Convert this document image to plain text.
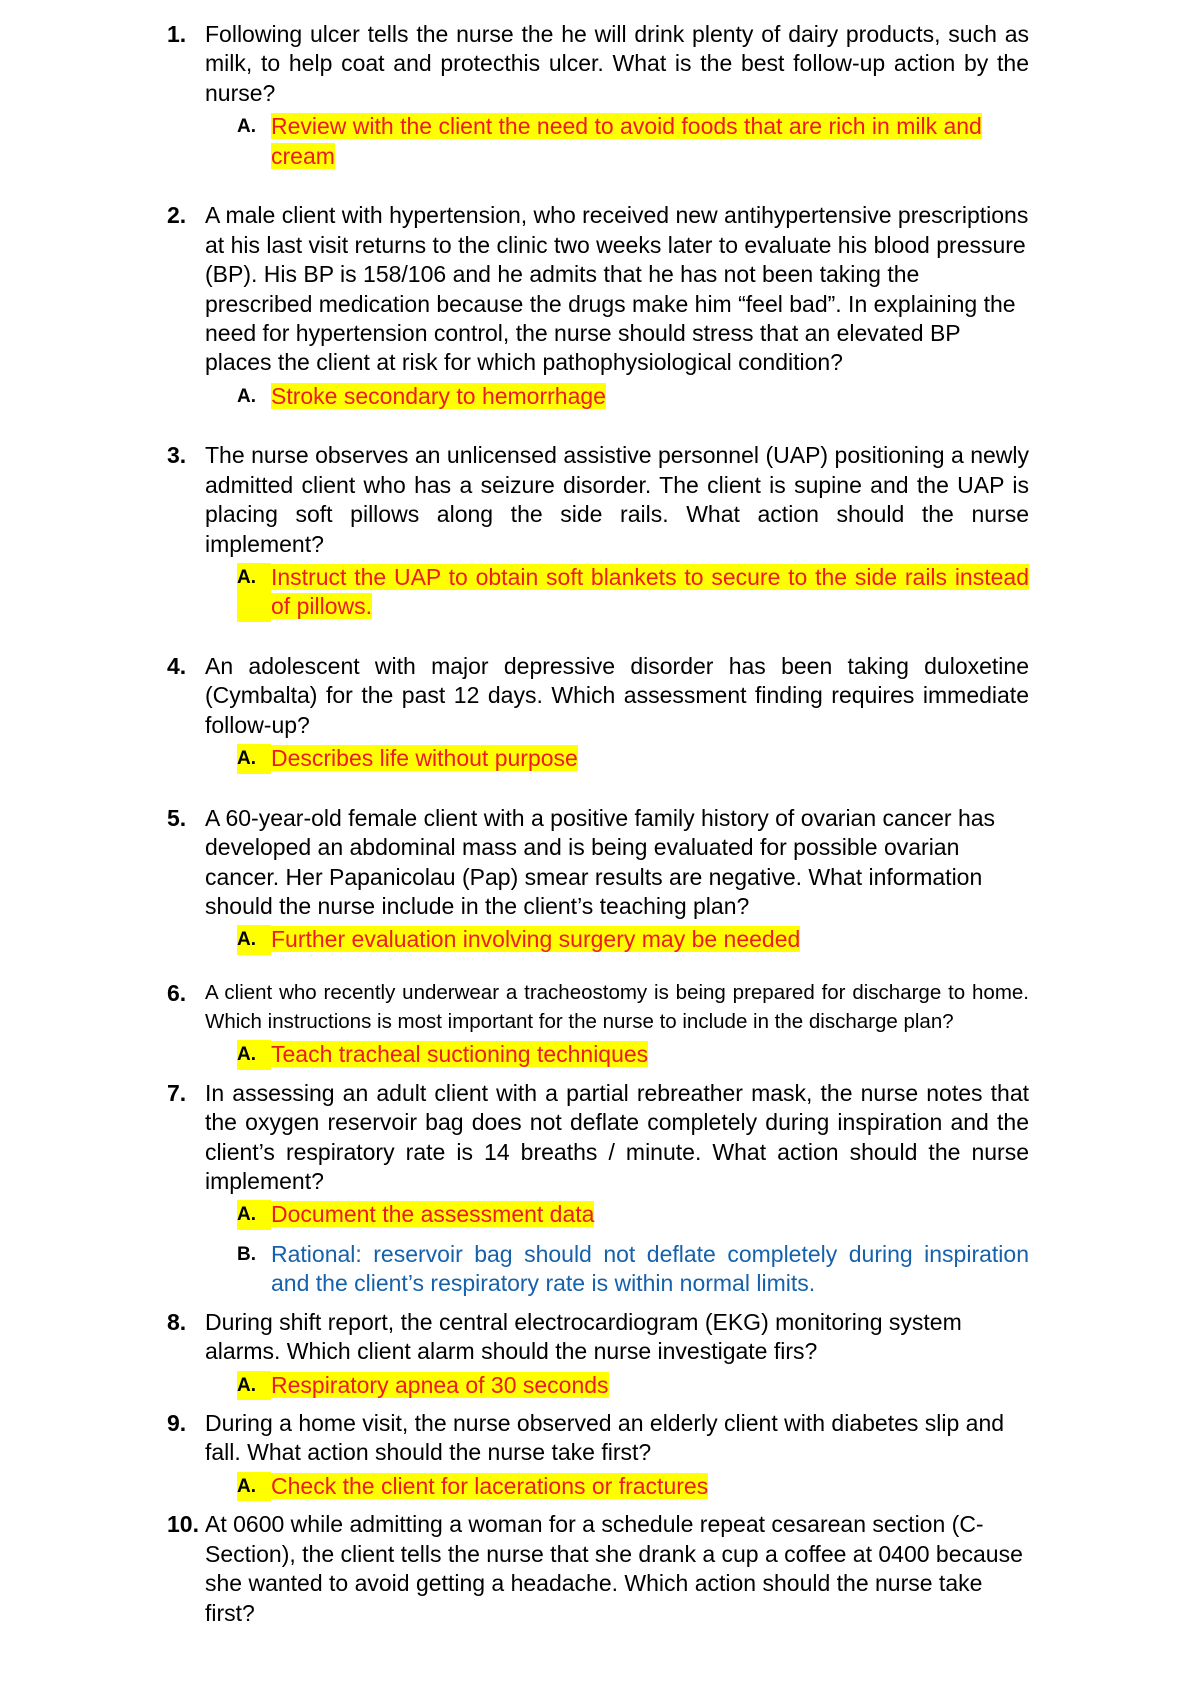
1. Following ulcer tells the nurse the he will drink plenty of dairy products, such as milk, to help coat and protecthis ulcer. What is the best follow-up action by the nurse?

A. Review with the client the need to avoid foods that are rich in milk and cream
2. A male client with hypertension, who received new antihypertensive prescriptions at his last visit returns to the clinic two weeks later to evaluate his blood pressure (BP). His BP is 158/106 and he admits that he has not been taking the prescribed medication because the drugs make him “feel bad”. In explaining the need for hypertension control, the nurse should stress that an elevated BP places the client at risk for which pathophysiological condition?

A. Stroke secondary to hemorrhage
3. The nurse observes an unlicensed assistive personnel (UAP) positioning a newly admitted client who has a seizure disorder. The client is supine and the UAP is placing soft pillows along the side rails. What action should the nurse implement?

A. Instruct the UAP to obtain soft blankets to secure to the side rails instead of pillows.
4. An adolescent with major depressive disorder has been taking duloxetine (Cymbalta) for the past 12 days. Which assessment finding requires immediate follow-up?

A. Describes life without purpose
5. A 60-year-old female client with a positive family history of ovarian cancer has developed an abdominal mass and is being evaluated for possible ovarian cancer. Her Papanicolau (Pap) smear results are negative. What information should the nurse include in the client’s teaching plan?

A. Further evaluation involving surgery may be needed
6. A client who recently underwear a tracheostomy is being prepared for discharge to home. Which instructions is most important for the nurse to include in the discharge plan?

A. Teach tracheal suctioning techniques
7. In assessing an adult client with a partial rebreather mask, the nurse notes that the oxygen reservoir bag does not deflate completely during inspiration and the client’s respiratory rate is 14 breaths / minute. What action should the nurse implement?

A. Document the assessment data
B. Rational: reservoir bag should not deflate completely during inspiration and the client’s respiratory rate is within normal limits.
8. During shift report, the central electrocardiogram (EKG) monitoring system alarms. Which client alarm should the nurse investigate firs?

A. Respiratory apnea of 30 seconds
9. During a home visit, the nurse observed an elderly client with diabetes slip and fall. What action should the nurse take first?

A. Check the client for lacerations or fractures
10. At 0600 while admitting a woman for a schedule repeat cesarean section (C-Section), the client tells the nurse that she drank a cup a coffee at 0400 because she wanted to avoid getting a headache. Which action should the nurse take first?
